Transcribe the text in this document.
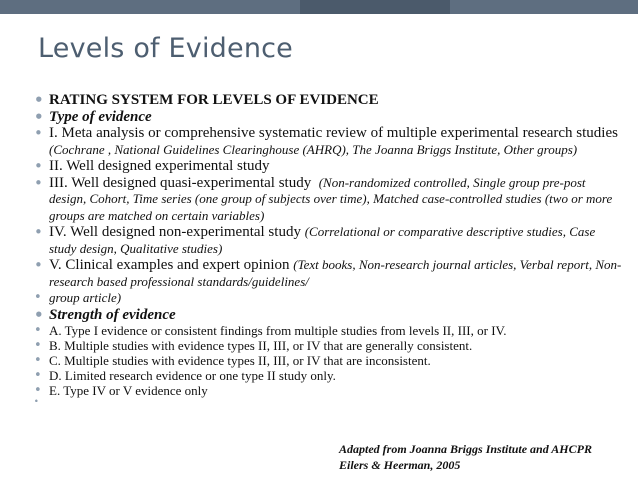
Levels of Evidence
• RATING SYSTEM FOR LEVELS OF EVIDENCE
• Type of evidence
• I. Meta analysis or comprehensive systematic review of multiple experimental research studies (Cochrane , National Guidelines Clearinghouse (AHRQ), The Joanna Briggs Institute, Other groups)
• II. Well designed experimental study
• III. Well designed quasi-experimental study (Non-randomized controlled, Single group pre-post design, Cohort, Time series (one group of subjects over time), Matched case-controlled studies (two or more groups are matched on certain variables)
• IV. Well designed non-experimental study (Correlational or comparative descriptive studies, Case study design, Qualitative studies)
• V. Clinical examples and expert opinion (Text books, Non-research journal articles, Verbal report, Non-research based professional standards/guidelines/
• group article)
• Strength of evidence
• A. Type I evidence or consistent findings from multiple studies from levels II, III, or IV.
• B. Multiple studies with evidence types II, III, or IV that are generally consistent.
• C. Multiple studies with evidence types II, III, or IV that are inconsistent.
• D. Limited research evidence or one type II study only.
• E. Type IV or V evidence only
Adapted from Joanna Briggs Institute and AHCPR
Eilers & Heerman, 2005
